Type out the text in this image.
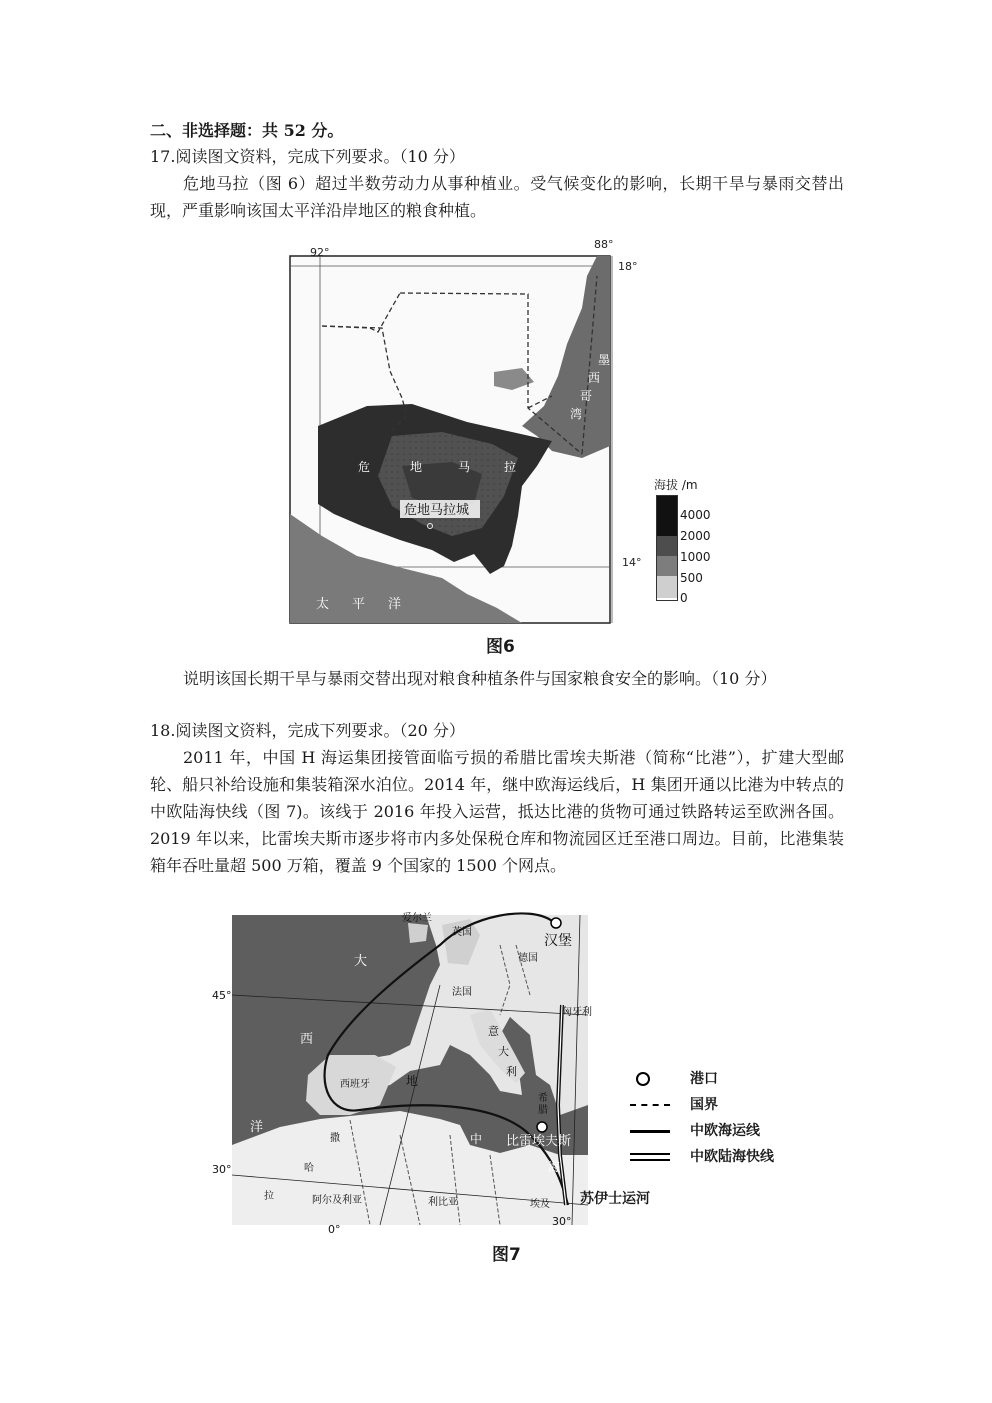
二、非选择题：共 52 分。
17.阅读图文资料，完成下列要求。（10 分）
危地马拉（图 6）超过半数劳动力从事种植业。受气候变化的影响，长期干旱与暴雨交替出现，严重影响该国太平洋沿岸地区的粮食种植。
92°
88°
18°
14°
危	地	马	拉
危地马拉城
墨
西
哥
湾
太 平 洋
海拔 /m
4000
2000
1000
500
0
图6
说明该国长期干旱与暴雨交替出现对粮食种植条件与国家粮食安全的影响。（10 分）
18.阅读图文资料，完成下列要求。（20 分）
2011 年，中国 H 海运集团接管面临亏损的希腊比雷埃夫斯港（简称“比港”），扩建大型邮轮、船只补给设施和集装箱深水泊位。2014 年，继中欧海运线后，H 集团开通以比港为中转点的中欧陆海快线（图 7)。该线于 2016 年投入运营，抵达比港的货物可通过铁路转运至欧洲各国。2019 年以来，比雷埃夫斯市逐步将市内多处保税仓库和物流园区迁至港口周边。目前，比港集装箱年吞吐量超 500 万箱，覆盖 9 个国家的 1500 个网点。
爱尔兰
英国
汉堡
德国
法国
匈牙利
西班牙
意
大
利
希
腊
比雷埃夫斯
大
西
洋
地
中
海
撒
哈
拉	阿尔及利亚	利比亚	埃及
45°
30°
0°
30°
苏伊士运河
港口
国界
中欧海运线
中欧陆海快线
图7
